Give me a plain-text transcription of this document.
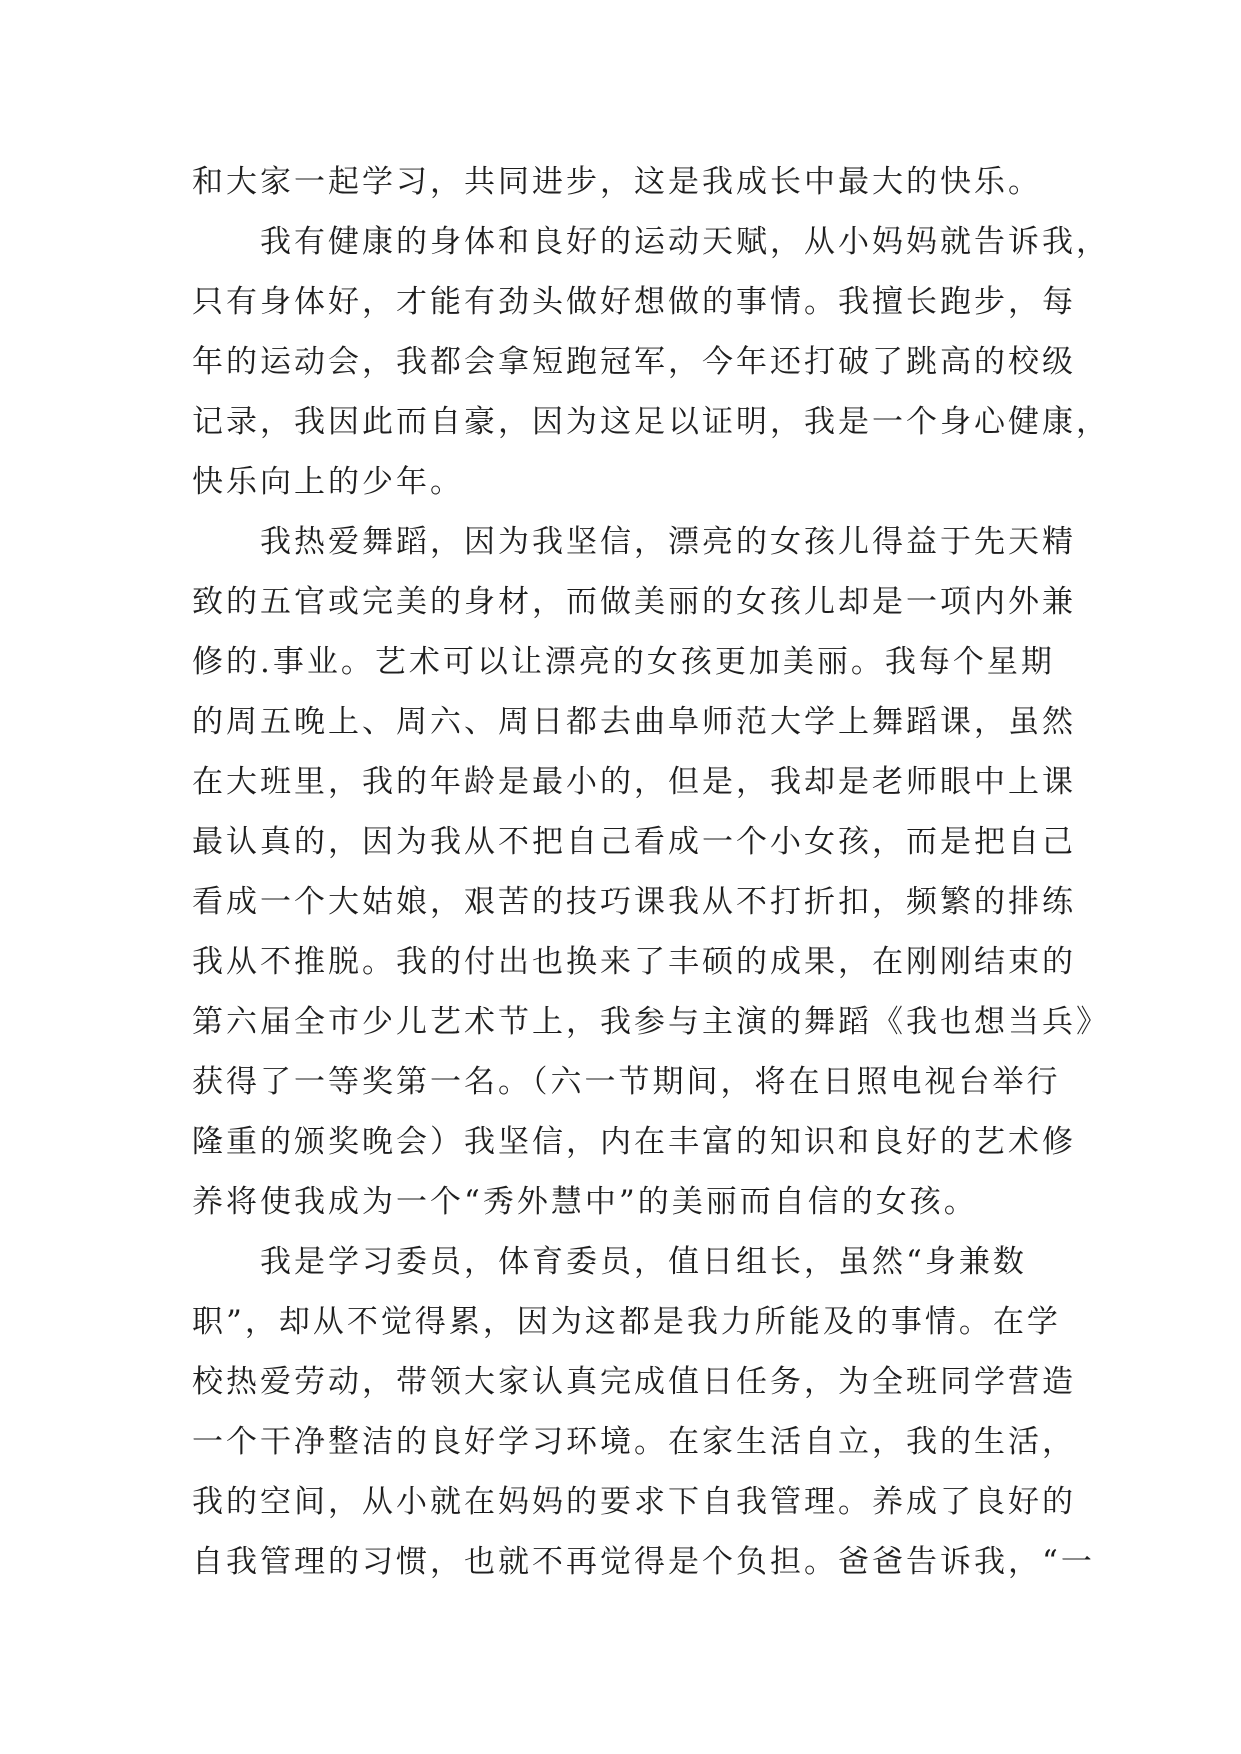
和大家一起学习，共同进步，这是我成长中最大的快乐。
我有健康的身体和良好的运动天赋，从小妈妈就告诉我，
只有身体好，才能有劲头做好想做的事情。我擅长跑步，每
年的运动会，我都会拿短跑冠军，今年还打破了跳高的校级
记录，我因此而自豪，因为这足以证明，我是一个身心健康，
快乐向上的少年。
我热爱舞蹈，因为我坚信，漂亮的女孩儿得益于先天精
致的五官或完美的身材，而做美丽的女孩儿却是一项内外兼
修的.事业。艺术可以让漂亮的女孩更加美丽。我每个星期
的周五晚上、周六、周日都去曲阜师范大学上舞蹈课，虽然
在大班里，我的年龄是最小的，但是，我却是老师眼中上课
最认真的，因为我从不把自己看成一个小女孩，而是把自己
看成一个大姑娘，艰苦的技巧课我从不打折扣，频繁的排练
我从不推脱。我的付出也换来了丰硕的成果，在刚刚结束的
第六届全市少儿艺术节上，我参与主演的舞蹈《我也想当兵》
获得了一等奖第一名。（六一节期间，将在日照电视台举行
隆重的颁奖晚会）我坚信，内在丰富的知识和良好的艺术修
养将使我成为一个“秀外慧中”的美丽而自信的女孩。
我是学习委员，体育委员，值日组长，虽然“身兼数
职”，却从不觉得累，因为这都是我力所能及的事情。在学
校热爱劳动，带领大家认真完成值日任务，为全班同学营造
一个干净整洁的良好学习环境。在家生活自立，我的生活，
我的空间，从小就在妈妈的要求下自我管理。养成了良好的
自我管理的习惯，也就不再觉得是个负担。爸爸告诉我，“一
